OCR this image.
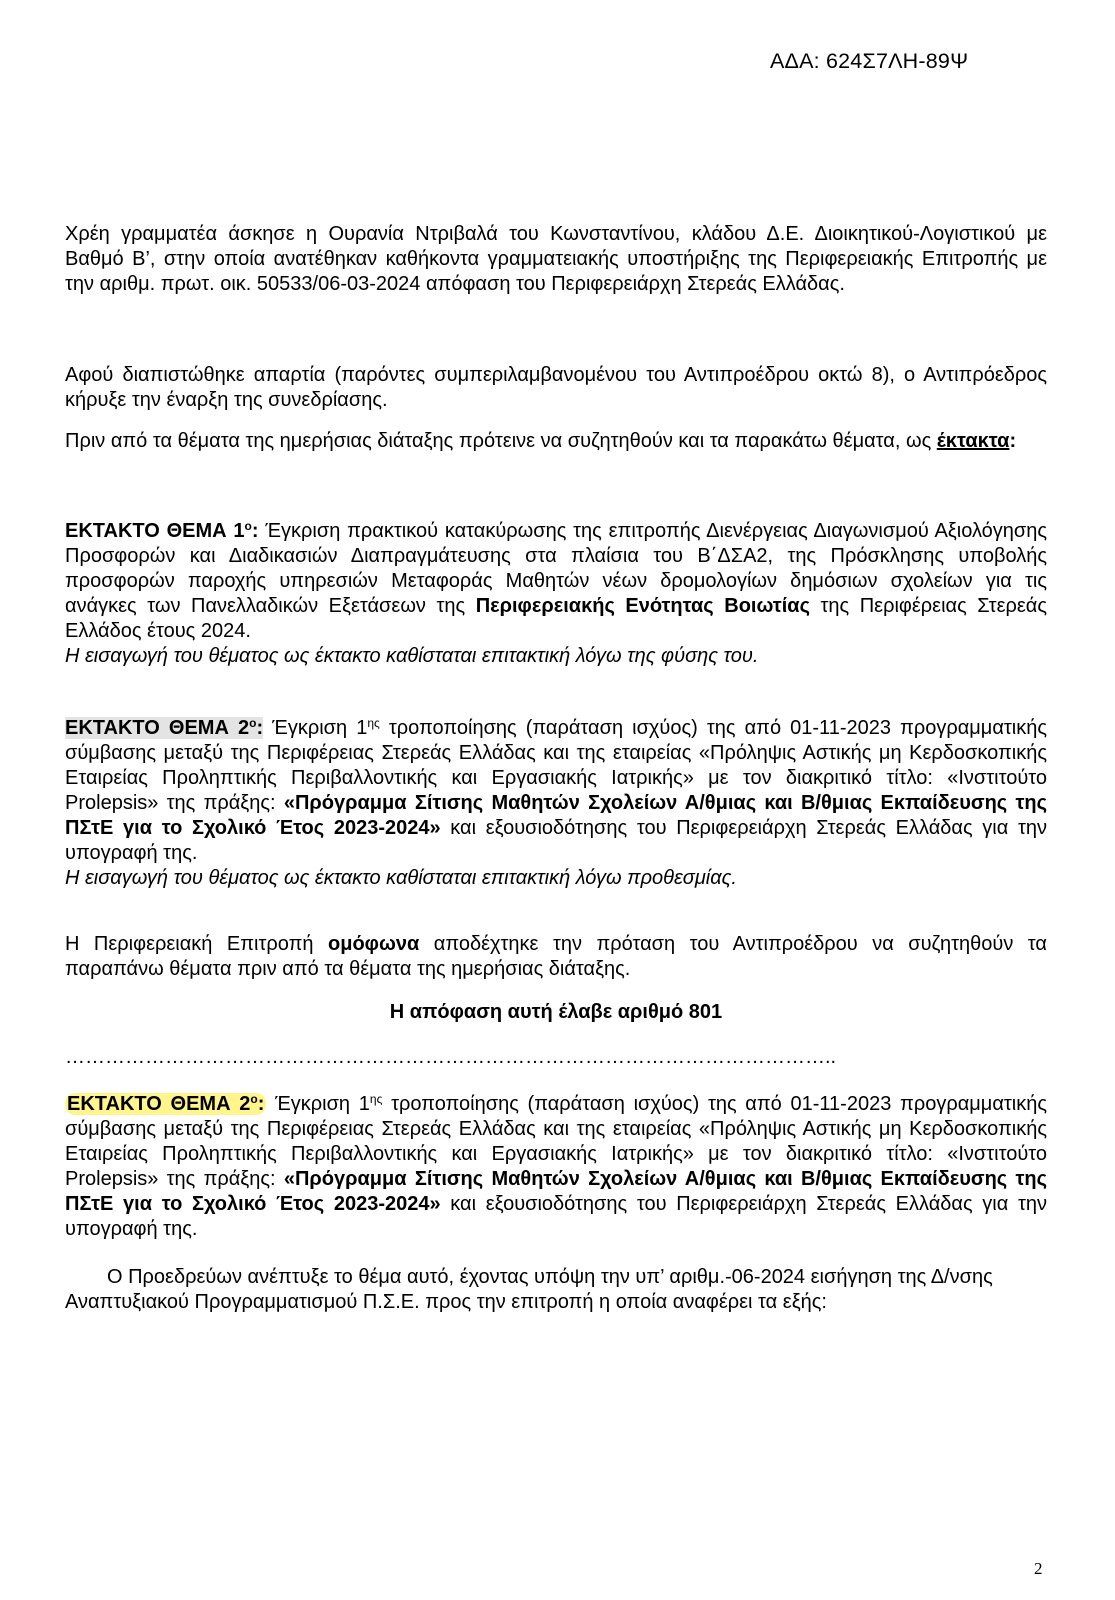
ΑΔΑ: 624Σ7ΛΗ-89Ψ

Χρέη γραμματέα άσκησε η Ουρανία Ντριβαλά του Κωνσταντίνου, κλάδου Δ.Ε. Διοικητικού-Λογιστικού με Βαθμό Β’, στην οποία ανατέθηκαν καθήκοντα γραμματειακής υποστήριξης της Περιφερειακής Επιτροπής με την αριθμ. πρωτ. οικ. 50533/06-03-2024 απόφαση του Περιφερειάρχη Στερεάς Ελλάδας.

Αφού διαπιστώθηκε απαρτία (παρόντες συμπεριλαμβανομένου του Αντιπροέδρου οκτώ 8), ο Αντιπρόεδρος κήρυξε την έναρξη της συνεδρίασης.

Πριν από τα θέματα της ημερήσιας διάταξης πρότεινε να συζητηθούν και τα παρακάτω θέματα, ως έκτακτα:

ΕΚΤΑΚΤΟ ΘΕΜΑ $1^o$: Έγκριση πρακτικού κατακύρωσης της επιτροπής Διενέργειας Διαγωνισμού Αξιολόγησης Προσφορών και Διαδικασιών Διαπραγμάτευσης στα πλαίσια του Β΄ΔΣΑ2, της Πρόσκλησης υποβολής προσφορών παροχής υπηρεσιών Μεταφοράς Μαθητών νέων δρομολογίων δημόσιων σχολείων για τις ανάγκες των Πανελλαδικών Εξετάσεων της Περιφερειακής Ενότητας Βοιωτίας της Περιφέρειας Στερεάς Ελλάδος έτους 2024.

Η εισαγωγή του θέματος ως έκτακτο καθίσταται επιτακτική λόγω της φύσης του.

ΕΚΤΑΚΤΟ ΘΕΜΑ $2^o$: Έγκριση $1^{\eta\varsigma}$ τροποποίησης (παράταση ισχύος) της από 01-11-2023 προγραμματικής σύμβασης μεταξύ της Περιφέρειας Στερεάς Ελλάδας και της εταιρείας «Πρόληψις Αστικής μη Κερδοσκοπικής Εταιρείας Προληπτικής Περιβαλλοντικής και Εργασιακής Ιατρικής» με τον διακριτικό τίτλο: «Ινστιτούτο Prolepsis» της πράξης: «Πρόγραμμα Σίτισης Μαθητών Σχολείων Α/θμιας και Β/θμιας Εκπαίδευσης της ΠΣτΕ για το Σχολικό Έτος 2023-2024» και εξουσιοδότησης του Περιφερειάρχη Στερεάς Ελλάδας για την υπογραφή της.

Η εισαγωγή του θέματος ως έκτακτο καθίσταται επιτακτική λόγω προθεσμίας.

Η Περιφερειακή Επιτροπή ομόφωνα αποδέχτηκε την πρόταση του Αντιπροέδρου να συζητηθούν τα παραπάνω θέματα πριν από τα θέματα της ημερήσιας διάταξης.

Η απόφαση αυτή έλαβε αριθμό 801

……………………………………………………………………………………………………..

ΕΚΤΑΚΤΟ ΘΕΜΑ $2^o$: Έγκριση $1^{\eta\varsigma}$ τροποποίησης (παράταση ισχύος) της από 01-11-2023 προγραμματικής σύμβασης μεταξύ της Περιφέρειας Στερεάς Ελλάδας και της εταιρείας «Πρόληψις Αστικής μη Κερδοσκοπικής Εταιρείας Προληπτικής Περιβαλλοντικής και Εργασιακής Ιατρικής» με τον διακριτικό τίτλο: «Ινστιτούτο Prolepsis» της πράξης: «Πρόγραμμα Σίτισης Μαθητών Σχολείων Α/θμιας και Β/θμιας Εκπαίδευσης της ΠΣτΕ για το Σχολικό Έτος 2023-2024» και εξουσιοδότησης του Περιφερειάρχη Στερεάς Ελλάδας για την υπογραφή της.

Ο Προεδρεύων ανέπτυξε το θέμα αυτό, έχοντας υπόψη την υπ’ αριθμ.-06-2024 εισήγηση της Δ/νσης Αναπτυξιακού Προγραμματισμού Π.Σ.Ε. προς την επιτροπή η οποία αναφέρει τα εξής:

2
